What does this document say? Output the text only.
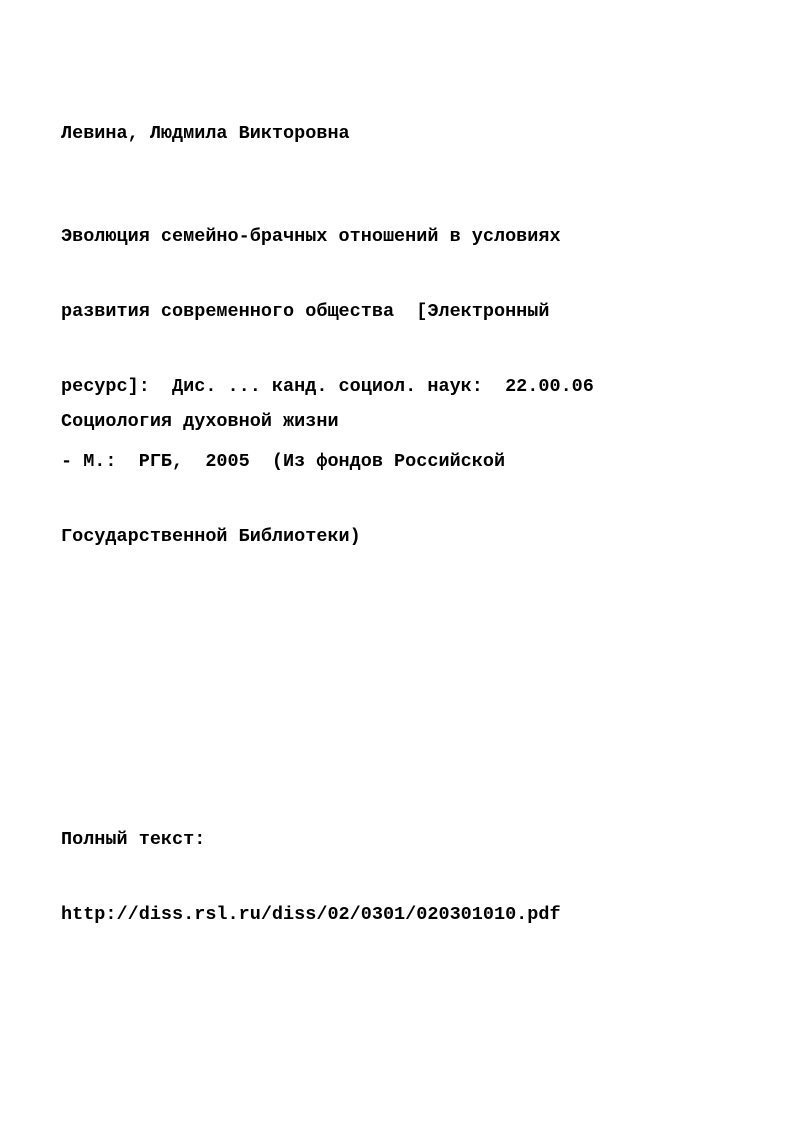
Левина, Людмила Викторовна

Эволюция семейно-брачных отношений в условиях

развития современного общества  [Электронный

ресурс]:  Дис. ... канд. социол. наук:  22.00.06

- М.:  РГБ,  2005  (Из фондов Российской

Государственной Библиотеки)

Социология духовной жизни

Полный текст:

http://diss.rsl.ru/diss/02/0301/020301010.pdf
